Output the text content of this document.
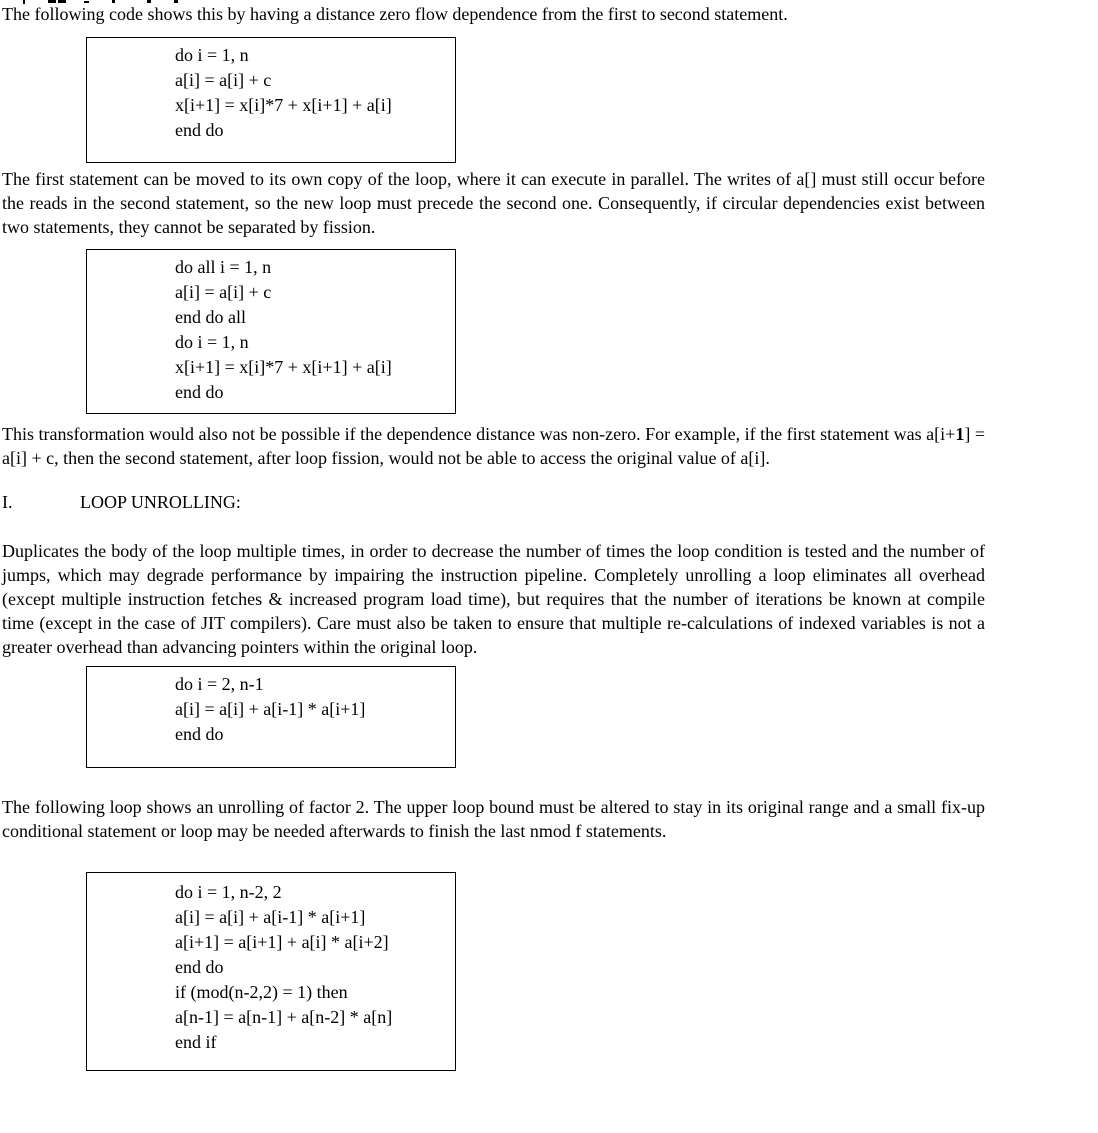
The following code shows this by having a distance zero flow dependence from the first to second statement.

do i = 1, n
a[i] = a[i] + c
x[i+1] = x[i]*7 + x[i+1] + a[i]
end do

The first statement can be moved to its own copy of the loop, where it can execute in parallel. The writes of a[] must still occur before the reads in the second statement, so the new loop must precede the second one. Consequently, if circular dependencies exist between two statements, they cannot be separated by fission.

do all i = 1, n
a[i] = a[i] + c
end do all
do i = 1, n
x[i+1] = x[i]*7 + x[i+1] + a[i]
end do

This transformation would also not be possible if the dependence distance was non-zero. For example, if the first statement was a[i+1] = a[i] + c, then the second statement, after loop fission, would not be able to access the original value of a[i].

I.	LOOP UNROLLING:

Duplicates the body of the loop multiple times, in order to decrease the number of times the loop condition is tested and the number of jumps, which may degrade performance by impairing the instruction pipeline. Completely unrolling a loop eliminates all overhead (except multiple instruction fetches & increased program load time), but requires that the number of iterations be known at compile time (except in the case of JIT compilers). Care must also be taken to ensure that multiple re-calculations of indexed variables is not a greater overhead than advancing pointers within the original loop.

do i = 2, n-1
a[i] = a[i] + a[i-1] * a[i+1]
end do

The following loop shows an unrolling of factor 2. The upper loop bound must be altered to stay in its original range and a small fix-up conditional statement or loop may be needed afterwards to finish the last nmod f statements.

do i = 1, n-2, 2
a[i] = a[i] + a[i-1] * a[i+1]
a[i+1] = a[i+1] + a[i] * a[i+2]
end do
if (mod(n-2,2) = 1) then
a[n-1] = a[n-1] + a[n-2] * a[n]
end if
